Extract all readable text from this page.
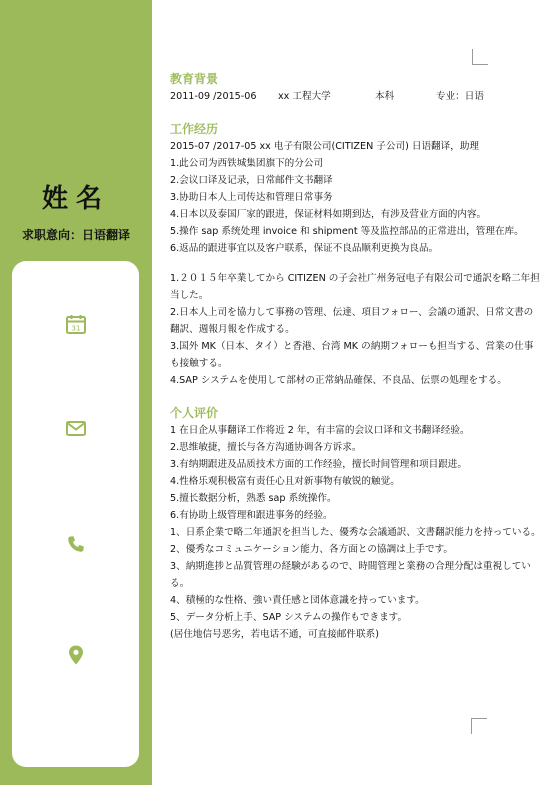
姓名
求职意向：日语翻译
31
教育背景
2011-09 /2015-06	xx 工程大学	本科	专业：日语
工作经历

2015-07 /2017-05 xx 电子有限公司(CITIZEN 子公司) 日语翻译，助理

1.此公司为西铁城集团旗下的分公司

2.会议口译及记录，日常邮件文书翻译

3.协助日本人上司传达和管理日常事务

4.日本以及泰国厂家的跟进，保证材料如期到达，有涉及营业方面的内容。

5.操作 sap 系统处理 invoice 和 shipment 等及监控部品的正常进出，管理在库。

6.返品的跟进事宜以及客户联系，保证不良品顺利更换为良品。

1.２０１５年卒業してから CITIZEN の子会社广州务冠电子有限公司で通訳を略二年担当した。

2.日本人上司を協力して事務の管理、伝達、項目フォロー、会議の通訳、日常文書の翻訳、週報月報を作成する。

3.国外 MK（日本、タイ）と香港、台湾 MK の納期フォローも担当する、営業の仕事も接触する。

4.SAP システムを使用して部材の正常納品確保、不良品、伝票の処理をする。

个人评价

1 在日企从事翻译工作将近 2 年，有丰富的会议口译和文书翻译经验。

2.思维敏捷，擅长与各方沟通协调各方诉求。

3.有纳期跟进及品质技术方面的工作经验，擅长时间管理和项目跟进。

4.性格乐观积极富有责任心且对新事物有敏锐的触觉。

5.擅长数据分析，熟悉 sap 系统操作。

6.有协助上级管理和跟进事务的经验。

1、日系企業で略二年通訳を担当した、優秀な会議通訳、文書翻訳能力を持っている。

2、優秀なコミュニケーション能力、各方面との協調は上手です。

3、納期進捗と品質管理の経験があるので、時間管理と業務の合理分配は重視している。

4、積極的な性格、強い責任感と団体意識を持っています。

5、データ分析上手、SAP システムの操作もできます。

(居住地信号恶劣，若电话不通，可直接邮件联系)
